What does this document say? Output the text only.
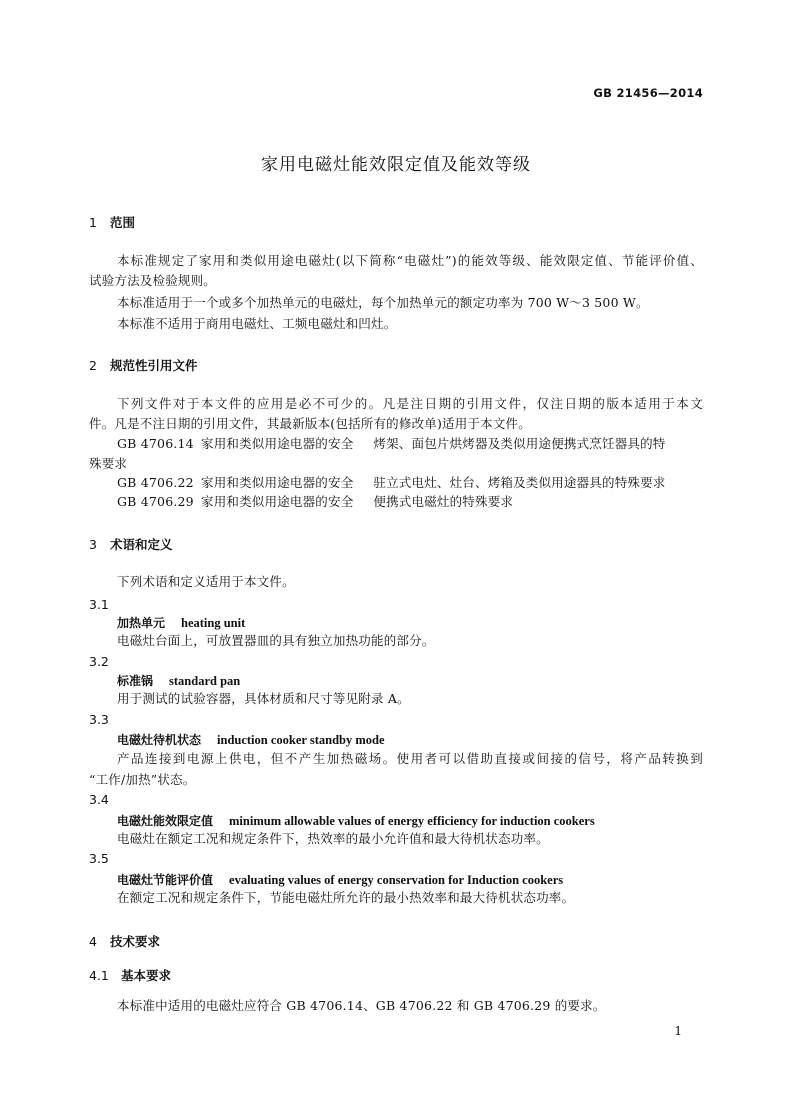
GB 21456—2014
家用电磁灶能效限定值及能效等级
1 范围
本标准规定了家用和类似用途电磁灶(以下简称“电磁灶”)的能效等级、能效限定值、节能评价值、
试验方法及检验规则。
本标准适用于一个或多个加热单元的电磁灶，每个加热单元的额定功率为 700 W～3 500 W。
本标准不适用于商用电磁灶、工频电磁灶和凹灶。
2 规范性引用文件
下列文件对于本文件的应用是必不可少的。凡是注日期的引用文件，仅注日期的版本适用于本文
件。凡是不注日期的引用文件，其最新版本(包括所有的修改单)适用于本文件。
GB 4706.14 家用和类似用途电器的安全 烤架、面包片烘烤器及类似用途便携式烹饪器具的特
殊要求
GB 4706.22 家用和类似用途电器的安全 驻立式电灶、灶台、烤箱及类似用途器具的特殊要求
GB 4706.29 家用和类似用途电器的安全 便携式电磁灶的特殊要求
3 术语和定义
下列术语和定义适用于本文件。
3.1
加热单元 heating unit
电磁灶台面上，可放置器皿的具有独立加热功能的部分。
3.2
标准锅 standard pan
用于测试的试验容器，具体材质和尺寸等见附录 A。
3.3
电磁灶待机状态 induction cooker standby mode
产品连接到电源上供电，但不产生加热磁场。使用者可以借助直接或间接的信号，将产品转换到
“工作/加热”状态。
3.4
电磁灶能效限定值 minimum allowable values of energy efficiency for induction cookers
电磁灶在额定工况和规定条件下，热效率的最小允许值和最大待机状态功率。
3.5
电磁灶节能评价值 evaluating values of energy conservation for Induction cookers
在额定工况和规定条件下，节能电磁灶所允许的最小热效率和最大待机状态功率。
4 技术要求
4.1 基本要求
本标准中适用的电磁灶应符合 GB 4706.14、GB 4706.22 和 GB 4706.29 的要求。
1
